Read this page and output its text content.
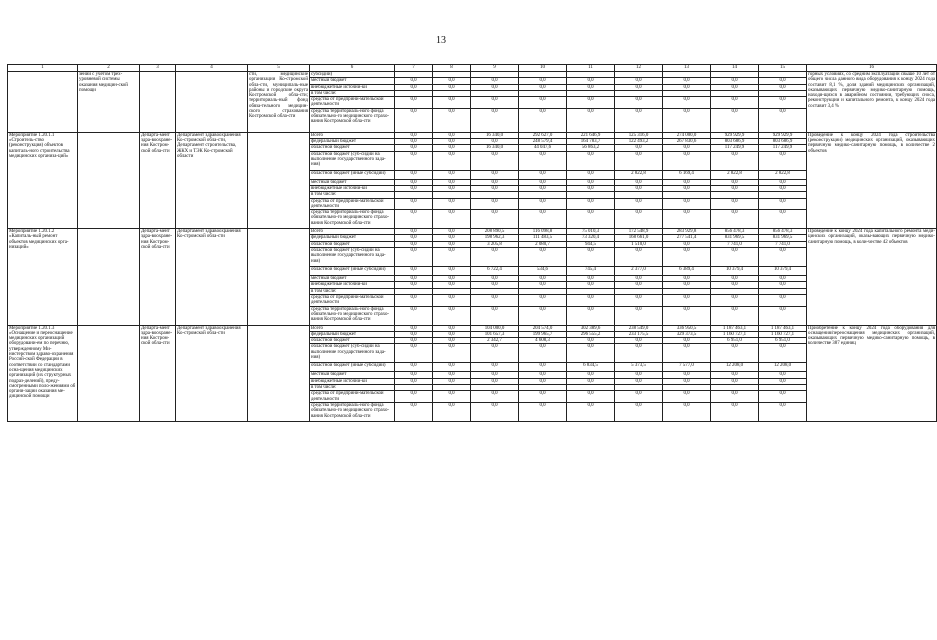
13
1	2	3	4	5	6	7	8	9	10	11	12	13	14	15	16
	зении с учетом трех-уровневой системы оказания медицин-ской помощи			сти, медицинские организации Ко-стромской обла-сти, муниципаль-ные районы и городские округа Костромской обла-сти; территориаль-ный фонд обяза-тельного медицин-ского страхования Костромской обла-сти	субсидии)										горных условиях, со средним эксплуатации свыше 10 лет от общего числа данного вида оборудования к концу 2024 года составит 8,1 %, доля зданий медицинских организаций, оказывающих первичную медико-санитарную помощь, находя-щихся в аварийном состоянии, требующих сноса, реконструкции и капитального ремонта, к концу 2024 года составит 3,4 %
					местный бюджет	0,0	0,0	0,0	0,0	0,0	0,0	0,0	0,0	0,0	
					внебюджетные источни-ки	0,0	0,0	0,0	0,0	0,0	0,0	0,0	0,0	0,0	
					в том числе:										
					средства от предприни-мательской деятельности	0,0	0,0	0,0	0,0	0,0	0,0	0,0	0,0	0,0	
					средства территориаль-ного фонда обязательно-го медицинского страхо-вания Костромской обла-сти	0,0	0,0	0,0	0,0	0,0	0,0	0,0	0,0	0,0	
Мероприятие 1.20.1.1 «Строитель-ство (реконструкция) объектов капиталь-ного строительства медицинских организа-ций»		Департа-мент здра-воохране-ния Костром-ской обла-сти	Департамент здравоохранения Ко-стромской обла-сти, Департамент строительства, ЖКХ и ТЭК Ко-стромской области		Всего	0,0	0,0	16 340,0	292 627,0	221 646,9	125 316,0	274 000,0	929 929,9	929 929,9	Проведение к концу 2024 года строительства (реконструкции) медицинских организаций, оказывающих первичную медико-санитарную помощь, в количестве 2 объектов
					федеральный бюджет	0,0	0,0	0,0	248 579,4	164 783,7	122 493,2	267 830,6	803 686,9	803 686,9	
					областной бюджет	0,0	0,0	16 340,0	44 047,6	56 863,2	0,0	0,0	117 249,9	117 249,9	
					областной бюджет (суб-сидии на выполнение государственного зада-ния)	0,0	0,0	0,0	0,0	0,0	0,0	0,0	0,0	0,0	
					областной бюджет (иные субсидии)	0,0	0,0	0,0	0,0	0,0	2 822,8	6 169,4	2 822,8	2 822,8	
					местный бюджет	0,0	0,0	0,0	0,0	0,0	0,0	0,0	0,0	0,0	
					внебюджетные источни-ки	0,0	0,0	0,0	0,0	0,0	0,0	0,0	0,0	0,0	
					в том числе:										
					средства от предприни-мательской деятельности	0,0	0,0	0,0	0,0	0,0	0,0	0,0	0,0	0,0	
					средства территориаль-ного фонда обязательно-го медицинского страхо-вания Костромской обла-сти	0,0	0,0	0,0	0,0	0,0	0,0	0,0	0,0	0,0	
Мероприятие 1.20.1.2 «Капиталь-ный ремонт объектов медицинских орга-низаций»		Департа-мент здра-воохране-ния Костром-ской обла-сти	Департамент здравоохранения Ко-стромской обла-сти		Всего	0,0	0,0	208 890,5	116 098,8	75 010,3	172 548,9	283 929,8	856 478,3	856 478,3	Проведение к концу 2024 года капитального ремонта меди-цинских организаций, оказы-вающих первичную медико-санитарную помощь, в коли-честве 42 объектов
					федеральный бюджет	0,0	0,0	198 962,3	111 483,5	73 320,4	168 661,0	277 541,4	831 969,5	831 969,5	
					областной бюджет	0,0	0,0	3 205,8	2 080,7	944,5	1 510,0	0,0	7 741,0	7 741,0	
					областной бюджет (суб-сидии на выполнение государственного зада-ния)	0,0	0,0	0,0	0,0	0,0	0,0	0,0	0,0	0,0	
					областной бюджет (иные субсидии)	0,0	0,0	6 722,4	534,6	745,4	2 377,0	6 389,4	10 379,4	10 379,4	
					местный бюджет	0,0	0,0	0,0	0,0	0,0	0,0	0,0	0,0	0,0	
					внебюджетные источни-ки	0,0	0,0	0,0	0,0	0,0	0,0	0,0	0,0	0,0	
					в том числе:										
					средства от предприни-мательской деятельности	0,0	0,0	0,0	0,0	0,0	0,0	0,0	0,0	0,0	
					средства территориаль-ного фонда обязательно-го медицинского страхо-вания Костромской обла-сти	0,0	0,0	0,0	0,0	0,0	0,0	0,0	0,0	0,0	
Мероприятие 1.20.1.3 «Оснащение и переоснащение медицинских организаций оборудовани-ем по перечню, утвержденному Ми-нистерством здраво-охранения Россий-ской Федерации в соответствии со стандартами осна-щения медицинских организаций (их структурных подраз-делений), преду-смотренными поло-жениями об органи-зации оказания ме-дицинской помощи		Департа-мент здра-воохране-ния Костром-ской обла-сти	Департамент здравоохранения Ко-стромской обла-сти		Всего	0,0	0,0	104 000,0	204 574,0	302 389,6	238 549,0	336 950,5	1 187 463,1	1 187 463,1	Приобретение к концу 2024 года оборудования для оснащения/переоснащения медицинских организаций, оказывающих первичную медико-санитарную помощь, в количестве 387 единиц
					федеральный бюджет	0,0	0,0	101 657,3	199 965,7	296 555,2	233 175,5	329 373,5	1 160 727,1	1 160 727,1	
					областной бюджет	0,0	0,0	2 342,7	4 608,3	0,0	0,0	0,0	6 951,0	6 951,0	
					областной бюджет (суб-сидии на выполнение государственного зада-ния)	0,0	0,0	0,0	0,0	0,0	0,0	0,0	0,0	0,0	
					областной бюджет (иные субсидии)	0,0	0,0	0,0	0,0	6 834,5	5 373,5	7 577,0	12 208,0	12 208,0	
					местный бюджет	0,0	0,0	0,0	0,0	0,0	0,0	0,0	0,0	0,0	
					внебюджетные источни-ки	0,0	0,0	0,0	0,0	0,0	0,0	0,0	0,0	0,0	
					в том числе:										
					средства от предприни-мательской деятельности	0,0	0,0	0,0	0,0	0,0	0,0	0,0	0,0	0,0	
					средства территориаль-ного фонда обязательно-го медицинского страхо-вания Костромской обла-сти	0,0	0,0	0,0	0,0	0,0	0,0	0,0	0,0	0,0	
